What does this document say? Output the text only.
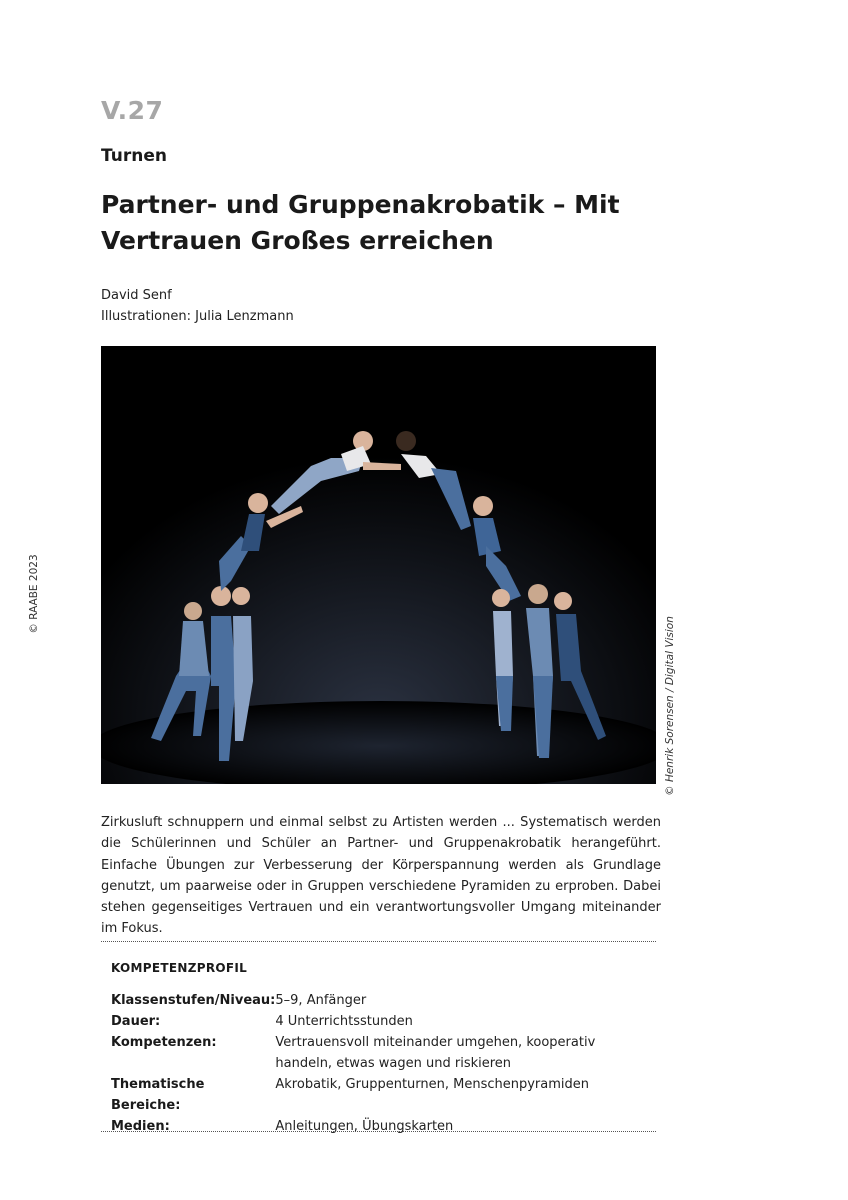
V.27
Turnen
Partner- und Gruppenakrobatik – Mit Vertrauen Großes erreichen
David Senf
Illustrationen: Julia Lenzmann
© RAABE 2023
© Henrik Sorensen / Digital Vision

Zirkusluft schnuppern und einmal selbst zu Artisten werden ... Systematisch werden die Schülerinnen und Schüler an Partner- und Gruppenakrobatik herangeführt. Einfache Übungen zur Verbesserung der Körperspannung werden als Grundlage genutzt, um paarweise oder in Gruppen verschiedene Pyramiden zu erproben. Dabei stehen gegenseitiges Vertrauen und ein verantwortungsvoller Umgang miteinander im Fokus.

KOMPETENZPROFIL
Klassenstufen/Niveau:	5–9, Anfänger
Dauer:	4 Unterrichtsstunden
Kompetenzen:	Vertrauensvoll miteinander umgehen, kooperativ handeln, etwas wagen und riskieren
Thematische Bereiche:	Akrobatik, Gruppenturnen, Menschenpyramiden
Medien:	Anleitungen, Übungskarten
